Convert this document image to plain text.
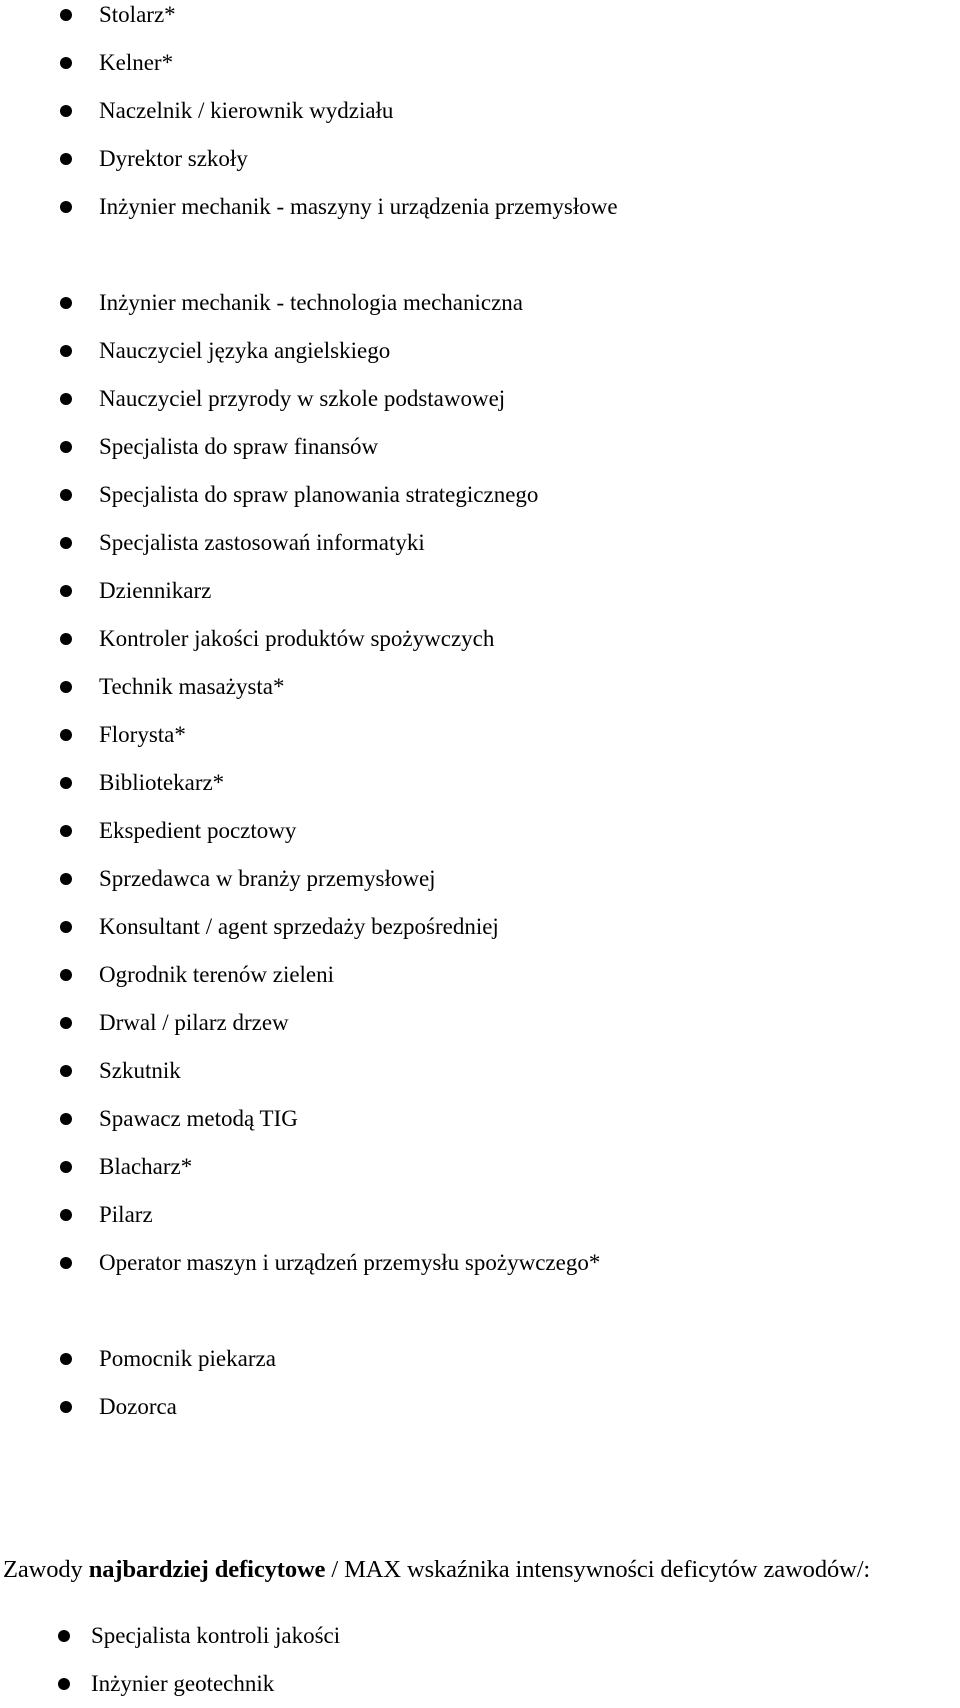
Stolarz*
Kelner*
Naczelnik / kierownik wydziału
Dyrektor szkoły
Inżynier mechanik - maszyny i urządzenia przemysłowe
Inżynier mechanik - technologia mechaniczna
Nauczyciel języka angielskiego
Nauczyciel przyrody w szkole podstawowej
Specjalista do spraw finansów
Specjalista do spraw planowania strategicznego
Specjalista zastosowań informatyki
Dziennikarz
Kontroler jakości produktów spożywczych
Technik masażysta*
Florysta*
Bibliotekarz*
Ekspedient pocztowy
Sprzedawca w branży przemysłowej
Konsultant / agent sprzedaży bezpośredniej
Ogrodnik terenów zieleni
Drwal / pilarz drzew
Szkutnik
Spawacz metodą TIG
Blacharz*
Pilarz
Operator maszyn i urządzeń przemysłu spożywczego*
Pomocnik piekarza
Dozorca
Zawody najbardziej deficytowe / MAX wskaźnika intensywności deficytów zawodów/:
Specjalista kontroli jakości
Inżynier geotechnik
